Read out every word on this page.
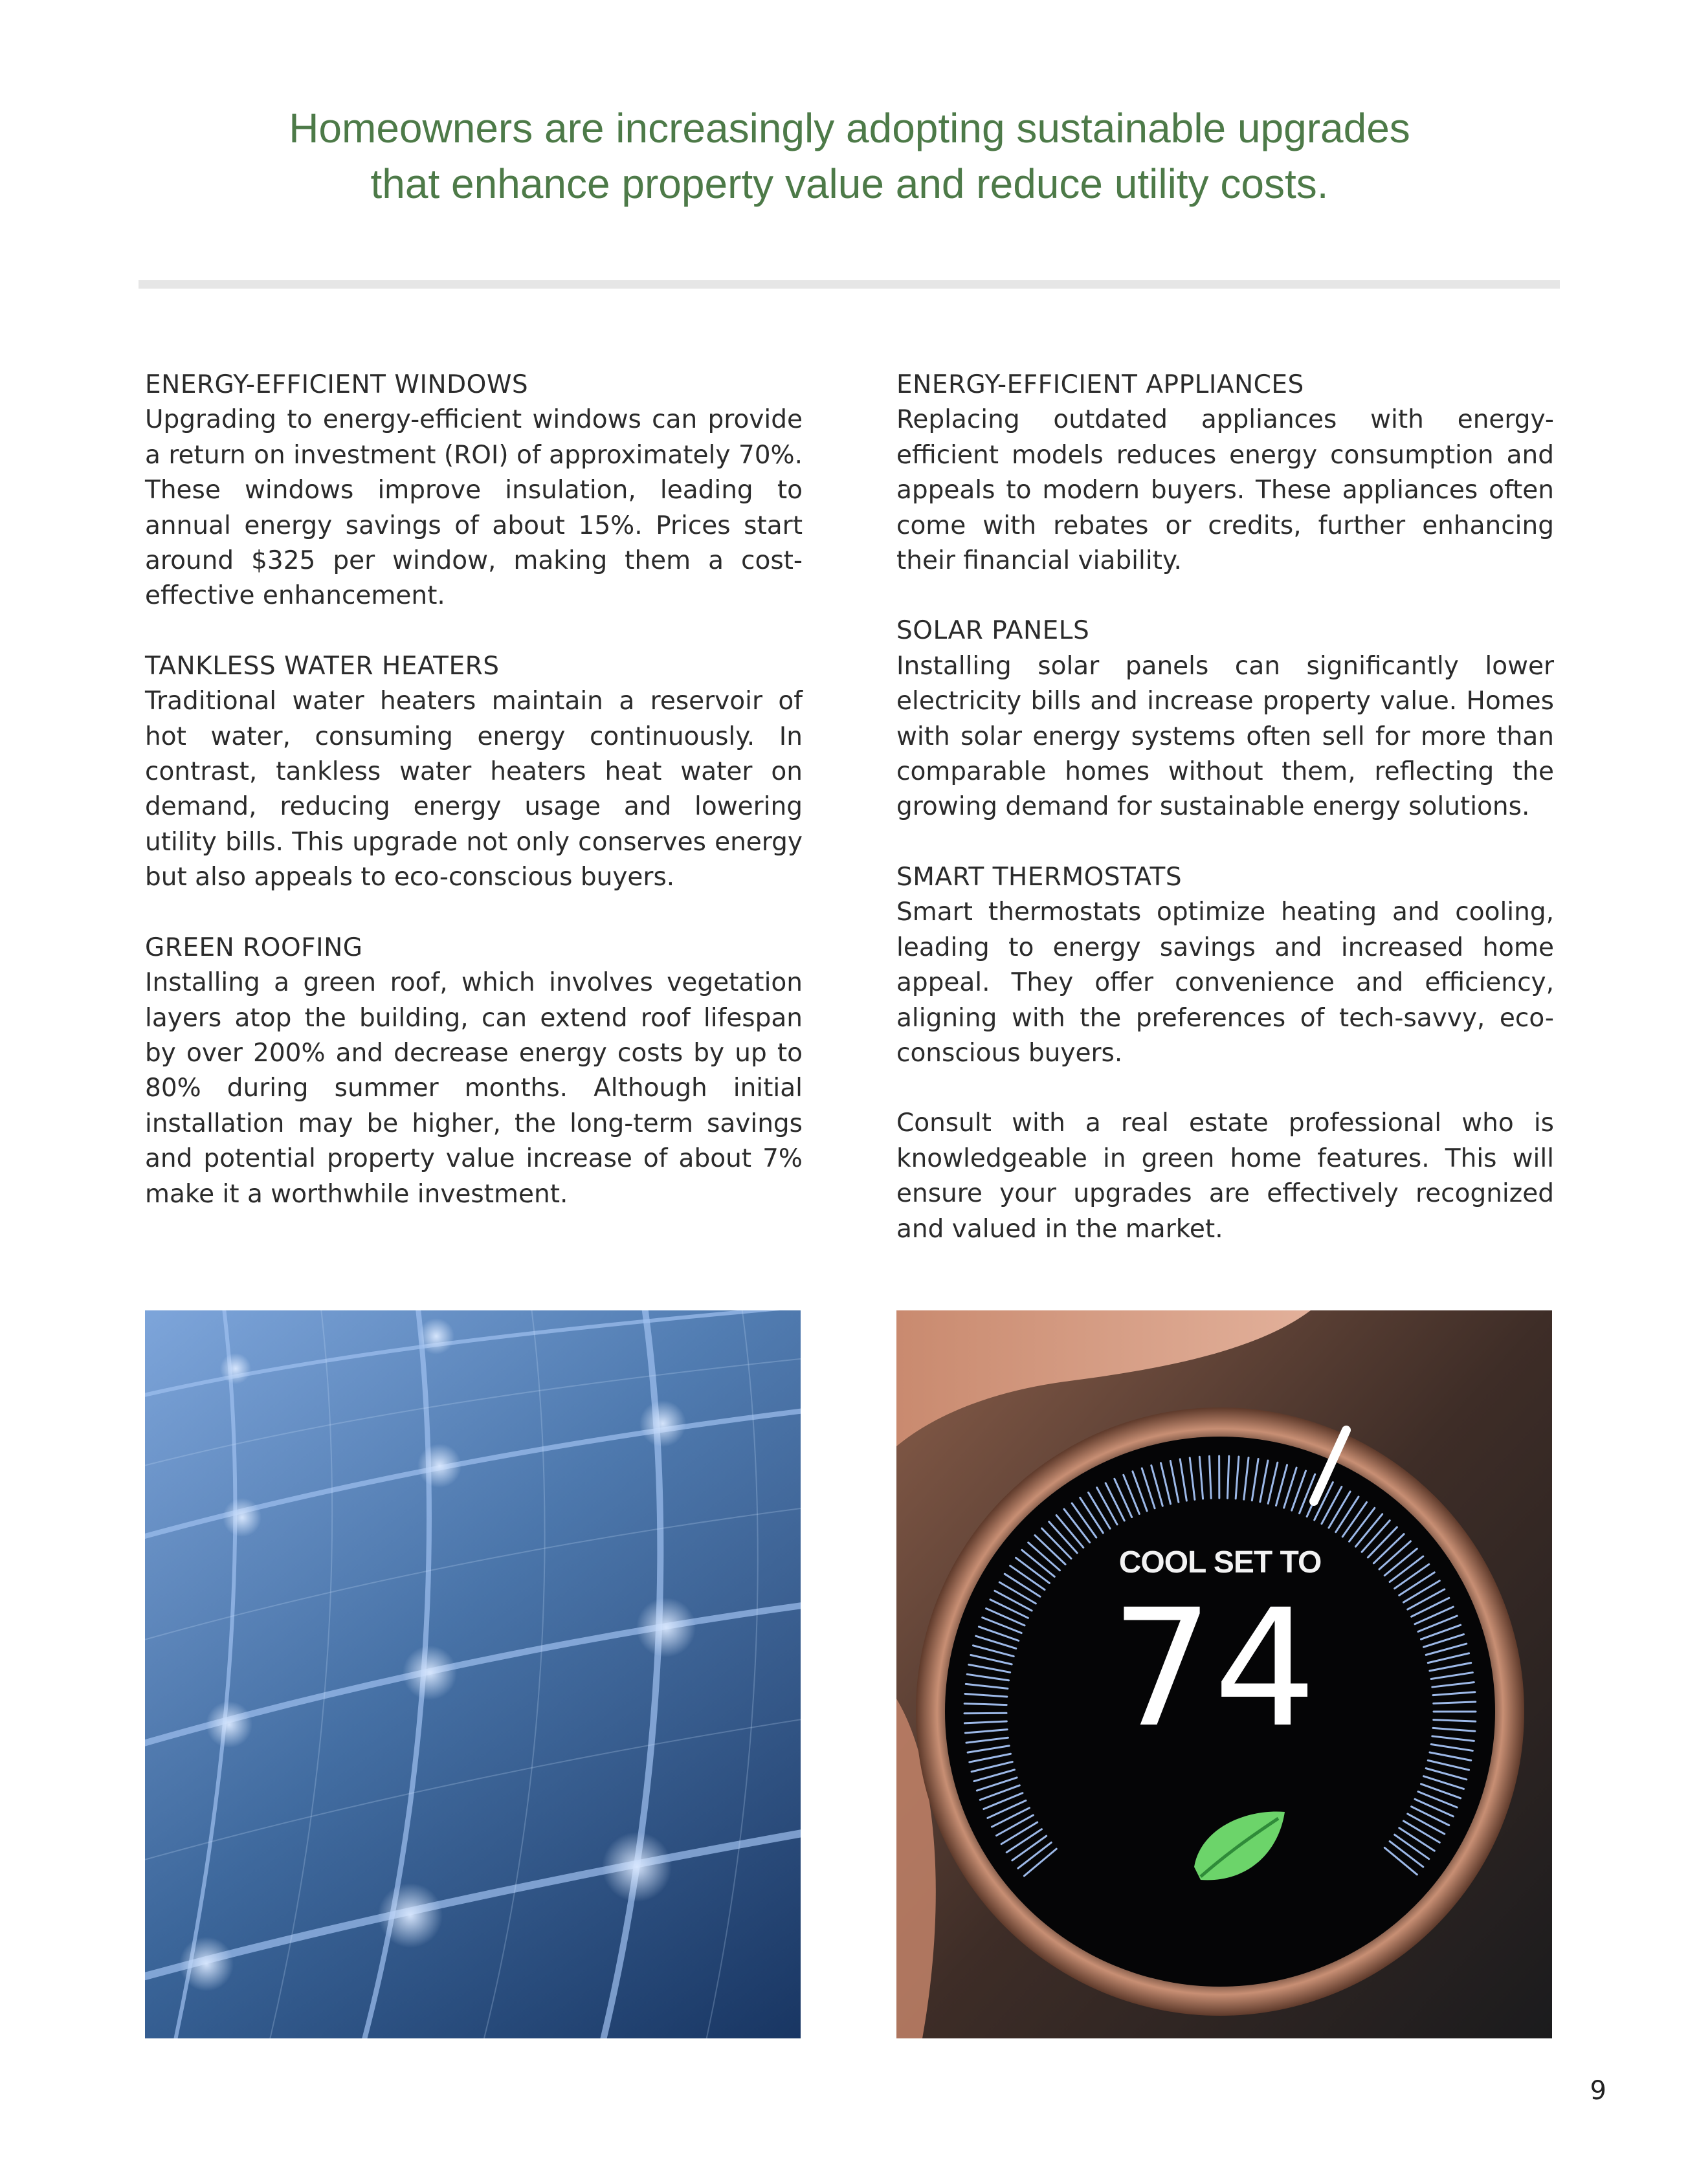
Homeowners are increasingly adopting sustainable upgrades
that enhance property value and reduce utility costs.
ENERGY-EFFICIENT WINDOWS

Upgrading to energy-efficient windows can provide a return on investment (ROI) of approximately 70%. These windows improve insulation, leading to annual energy savings of about 15%. Prices start around $325 per window, making them a cost-effective enhancement.

TANKLESS WATER HEATERS

Traditional water heaters maintain a reservoir of hot water, consuming energy continuously. In contrast, tankless water heaters heat water on demand, reducing energy usage and lowering utility bills. This upgrade not only conserves energy but also appeals to eco-conscious buyers.

GREEN ROOFING

Installing a green roof, which involves vegetation layers atop the building, can extend roof lifespan by over 200% and decrease energy costs by up to 80% during summer months. Although initial installation may be higher, the long-term savings and potential property value increase of about 7% make it a worthwhile investment.

ENERGY-EFFICIENT APPLIANCES

Replacing outdated appliances with energy-efficient models reduces energy consumption and appeals to modern buyers. These appliances often come with rebates or credits, further enhancing their financial viability.

SOLAR PANELS

Installing solar panels can significantly lower electricity bills and increase property value. Homes with solar energy systems often sell for more than comparable homes without them, reflecting the growing demand for sustainable energy solutions.

SMART THERMOSTATS

Smart thermostats optimize heating and cooling, leading to energy savings and increased home appeal. They offer convenience and efficiency, aligning with the preferences of tech-savvy, eco-conscious buyers.

Consult with a real estate professional who is knowledgeable in green home features. This will ensure your upgrades are effectively recognized and valued in the market.

COOL SET TO
74
9
